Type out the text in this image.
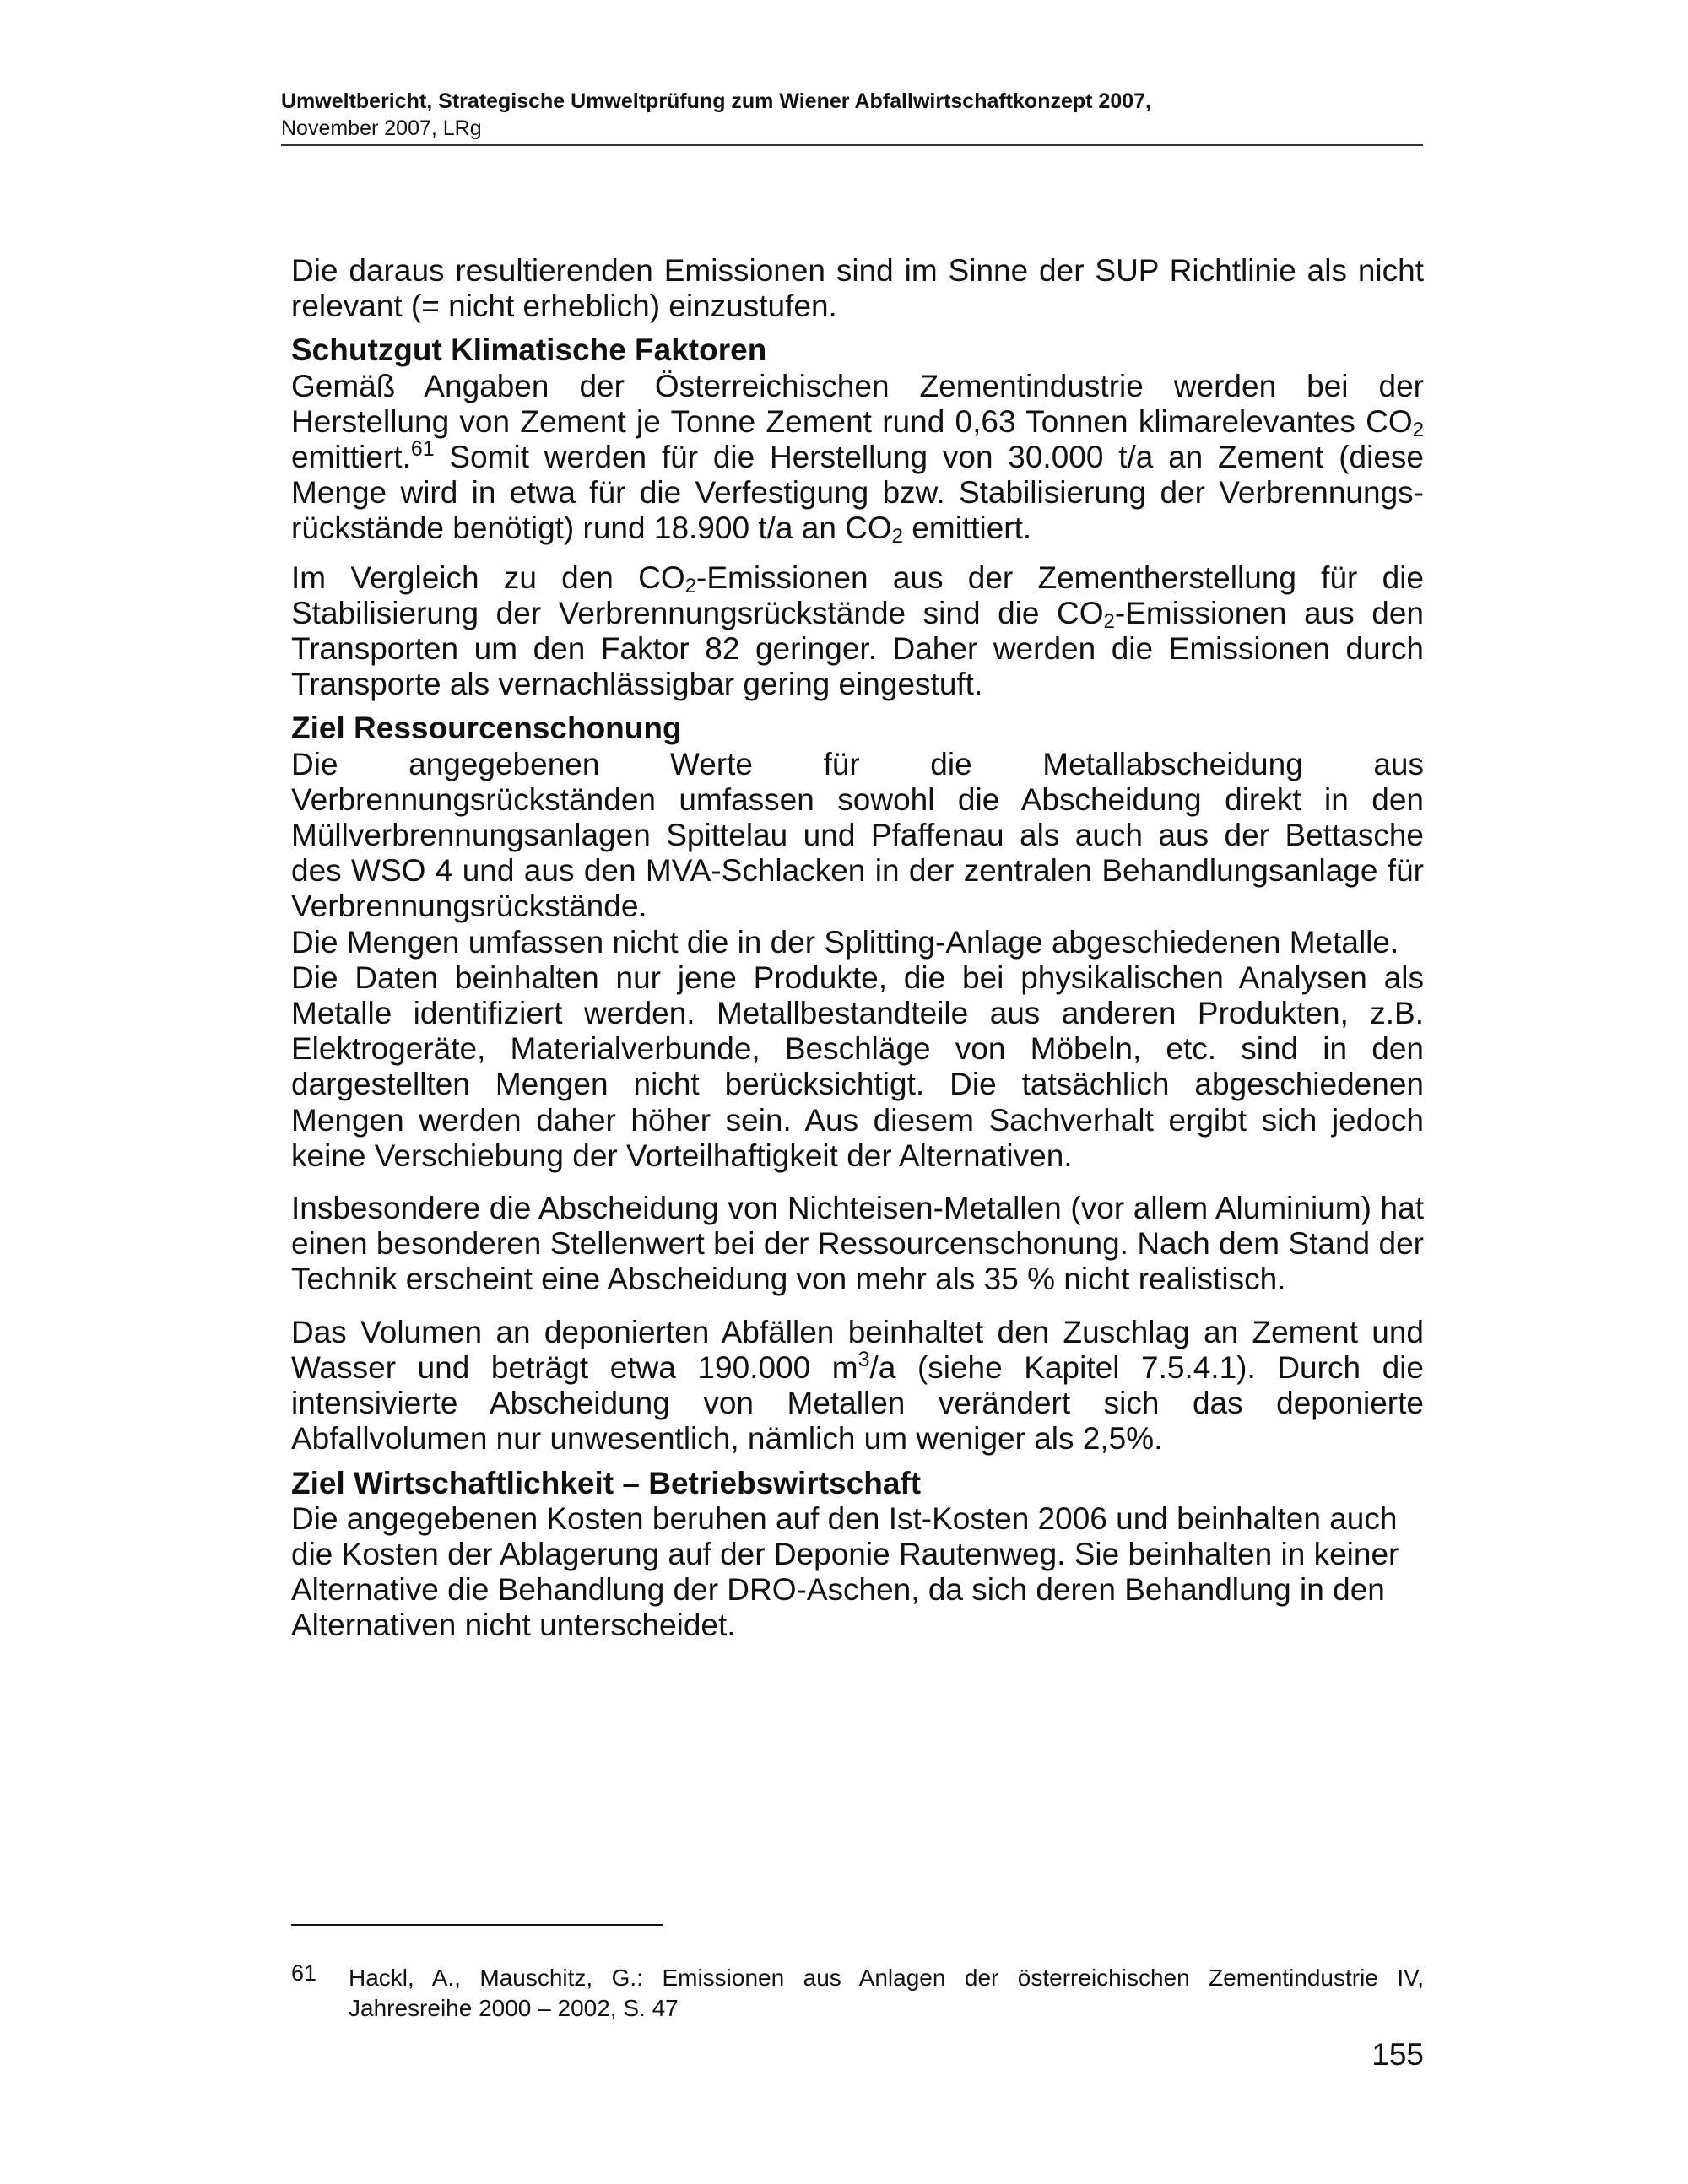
Umweltbericht, Strategische Umweltprüfung zum Wiener Abfallwirtschaftkonzept 2007,
November 2007, LRg

Die daraus resultierenden Emissionen sind im Sinne der SUP Richtlinie als nicht relevant (= nicht erheblich) einzustufen.

Schutzgut Klimatische Faktoren

Gemäß Angaben der Österreichischen Zementindustrie werden bei der Herstellung von Zement je Tonne Zement rund 0,63 Tonnen klimarelevantes $CO_2$ emittiert.$^{61}$ Somit werden für die Herstellung von 30.000 t/a an Zement (diese Menge wird in etwa für die Verfestigung bzw. Stabilisierung der Verbrennungsrückstände benötigt) rund 18.900 t/a an $CO_2$ emittiert.

Im Vergleich zu den $CO_2$-Emissionen aus der Zementherstellung für die Stabilisierung der Verbrennungsrückstände sind die $CO_2$-Emissionen aus den Transporten um den Faktor 82 geringer. Daher werden die Emissionen durch Transporte als vernachlässigbar gering eingestuft.

Ziel Ressourcenschonung

Die angegebenen Werte für die Metallabscheidung aus Verbrennungsrückständen umfassen sowohl die Abscheidung direkt in den Müllverbrennungsanlagen Spittelau und Pfaffenau als auch aus der Bettasche des WSO 4 und aus den MVA-Schlacken in der zentralen Behandlungsanlage für Verbrennungsrückstände.

Die Mengen umfassen nicht die in der Splitting-Anlage abgeschiedenen Metalle.

Die Daten beinhalten nur jene Produkte, die bei physikalischen Analysen als Metalle identifiziert werden. Metallbestandteile aus anderen Produkten, z.B. Elektrogeräte, Materialverbunde, Beschläge von Möbeln, etc. sind in den dargestellten Mengen nicht berücksichtigt. Die tatsächlich abgeschiedenen Mengen werden daher höher sein. Aus diesem Sachverhalt ergibt sich jedoch keine Verschiebung der Vorteilhaftigkeit der Alternativen.

Insbesondere die Abscheidung von Nichteisen-Metallen (vor allem Aluminium) hat einen besonderen Stellenwert bei der Ressourcenschonung. Nach dem Stand der Technik erscheint eine Abscheidung von mehr als 35 % nicht realistisch.

Das Volumen an deponierten Abfällen beinhaltet den Zuschlag an Zement und Wasser und beträgt etwa 190.000 $m^3/a$ (siehe Kapitel 7.5.4.1). Durch die intensivierte Abscheidung von Metallen verändert sich das deponierte Abfallvolumen nur unwesentlich, nämlich um weniger als 2,5%.

Ziel Wirtschaftlichkeit – Betriebswirtschaft

Die angegebenen Kosten beruhen auf den Ist-Kosten 2006 und beinhalten auch die Kosten der Ablagerung auf der Deponie Rautenweg. Sie beinhalten in keiner Alternative die Behandlung der DRO-Aschen, da sich deren Behandlung in den Alternativen nicht unterscheidet.

61 Hackl, A., Mauschitz, G.: Emissionen aus Anlagen der österreichischen Zementindustrie IV, Jahresreihe 2000 – 2002, S. 47
155
